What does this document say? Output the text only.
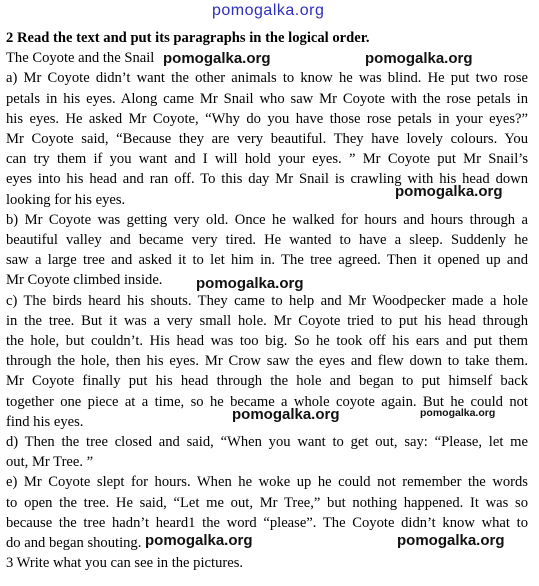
2 Read the text and put its paragraphs in the logical order.
The Coyote and the Snail
a) Mr Coyote didn’t want the other animals to know he was blind. He put two rose
petals in his eyes. Along came Mr Snail who saw Mr Coyote with the rose petals in
his eyes. He asked Mr Coyote, “Why do you have those rose petals in your eyes?”
Mr Coyote said, “Because they are very beautiful. They have lovely colours. You
can try them if you want and I will hold your eyes. ” Mr Coyote put Mr Snail’s
eyes into his head and ran off. To this day Mr Snail is crawling with his head down
looking for his eyes.
b) Mr Coyote was getting very old. Once he walked for hours and hours through a
beautiful valley and became very tired. He wanted to have a sleep. Suddenly he
saw a large tree and asked it to let him in. The tree agreed. Then it opened up and
Mr Coyote climbed inside.
c) The birds heard his shouts. They came to help and Mr Woodpecker made a hole
in the tree. But it was a very small hole. Mr Coyote tried to put his head through
the hole, but couldn’t. His head was too big. So he took off his ears and put them
through the hole, then his eyes. Mr Crow saw the eyes and flew down to take them.
Mr Coyote finally put his head through the hole and began to put himself back
together one piece at a time, so he became a whole coyote again. But he could not
find his eyes.
d) Then the tree closed and said, “When you want to get out, say: “Please, let me
out, Mr Tree. ”
e) Mr Coyote slept for hours. When he woke up he could not remember the words
to open the tree. He said, “Let me out, Mr Tree,” but nothing happened. It was so
because the tree hadn’t heard1 the word “please”. The Coyote didn’t know what to
do and began shouting.
3 Write what you can see in the pictures.
pomogalka.org
pomogalka.org	pomogalka.org
pomogalka.org
pomogalka.org
pomogalka.org	pomogalka.org
pomogalka.org	pomogalka.org
